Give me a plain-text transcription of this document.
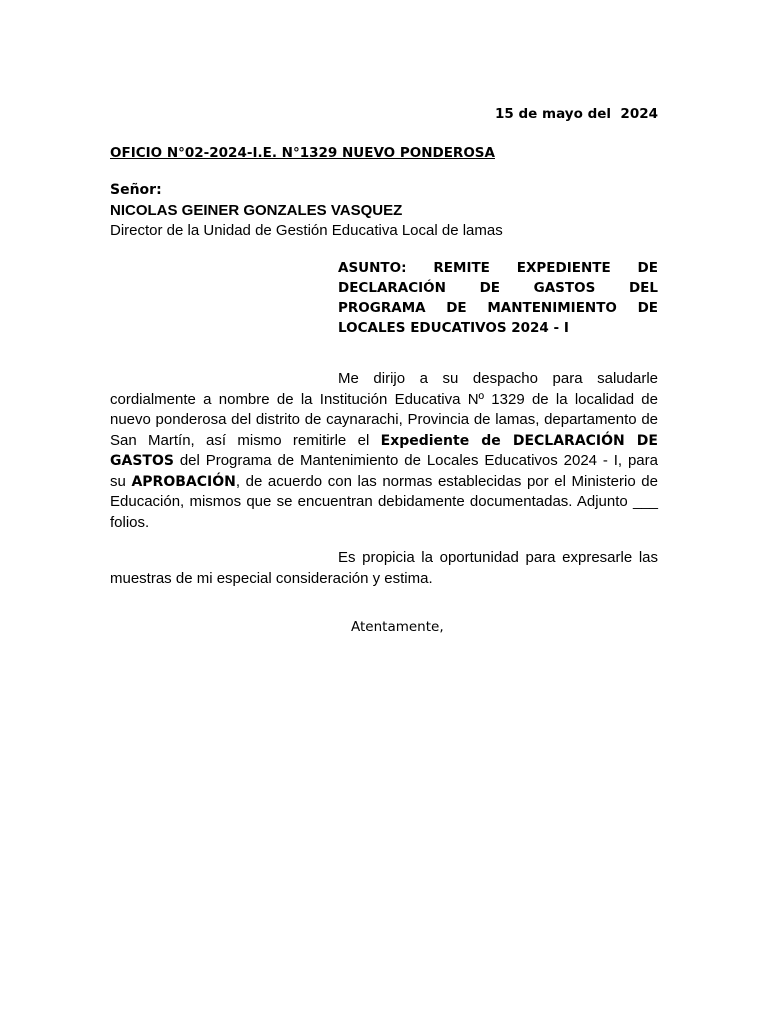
15 de mayo del  2024
OFICIO N°02-2024-I.E. N°1329 NUEVO PONDEROSA
Señor:
NICOLAS GEINER GONZALES VASQUEZ
Director de la Unidad de Gestión Educativa Local de lamas
ASUNTO: REMITE EXPEDIENTE DE DECLARACIÓN DE GASTOS DEL PROGRAMA DE MANTENIMIENTO DE LOCALES EDUCATIVOS 2024 - I
Me dirijo a su despacho para saludarle cordialmente a nombre de la Institución Educativa Nº 1329 de la localidad de nuevo ponderosa del distrito de caynarachi, Provincia de lamas, departamento de San Martín, así mismo remitirle el Expediente de DECLARACIÓN DE GASTOS del Programa de Mantenimiento de Locales Educativos 2024 - I, para su APROBACIÓN, de acuerdo con las normas establecidas por el Ministerio de Educación, mismos que se encuentran debidamente documentadas. Adjunto ___ folios.
Es propicia la oportunidad para expresarle las muestras de mi especial consideración y estima.
Atentamente,
